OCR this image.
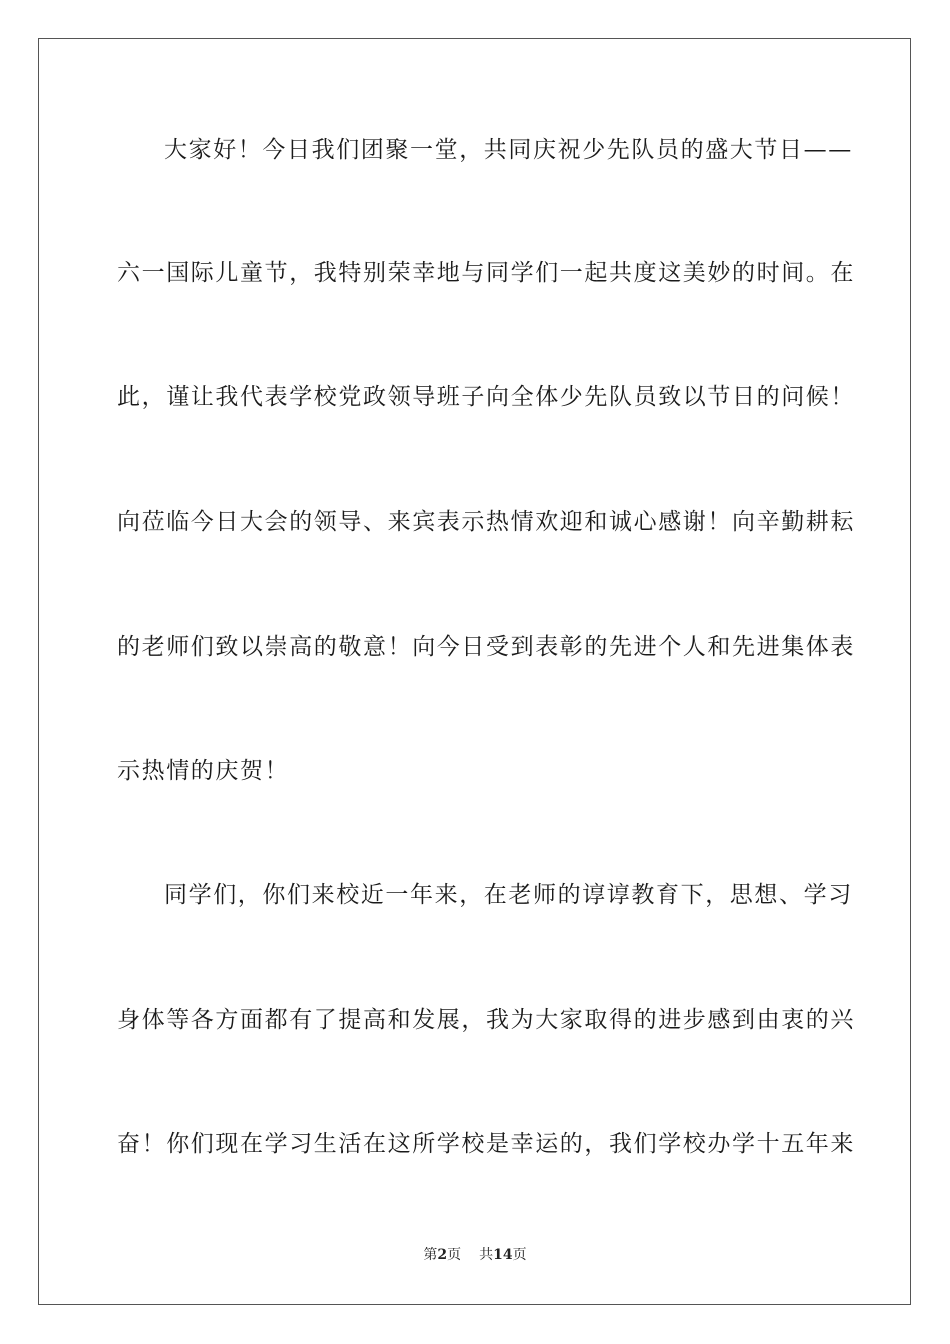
大家好！今日我们团聚一堂，共同庆祝少先队员的盛大节日——
六一国际儿童节，我特别荣幸地与同学们一起共度这美妙的时间。在
此，谨让我代表学校党政领导班子向全体少先队员致以节日的问候！
向莅临今日大会的领导、来宾表示热情欢迎和诚心感谢！向辛勤耕耘
的老师们致以崇高的敬意！向今日受到表彰的先进个人和先进集体表
示热情的庆贺！
同学们，你们来校近一年来，在老师的谆谆教育下，思想、学习
身体等各方面都有了提高和发展，我为大家取得的进步感到由衷的兴
奋！你们现在学习生活在这所学校是幸运的，我们学校办学十五年来
第2页 共14页
